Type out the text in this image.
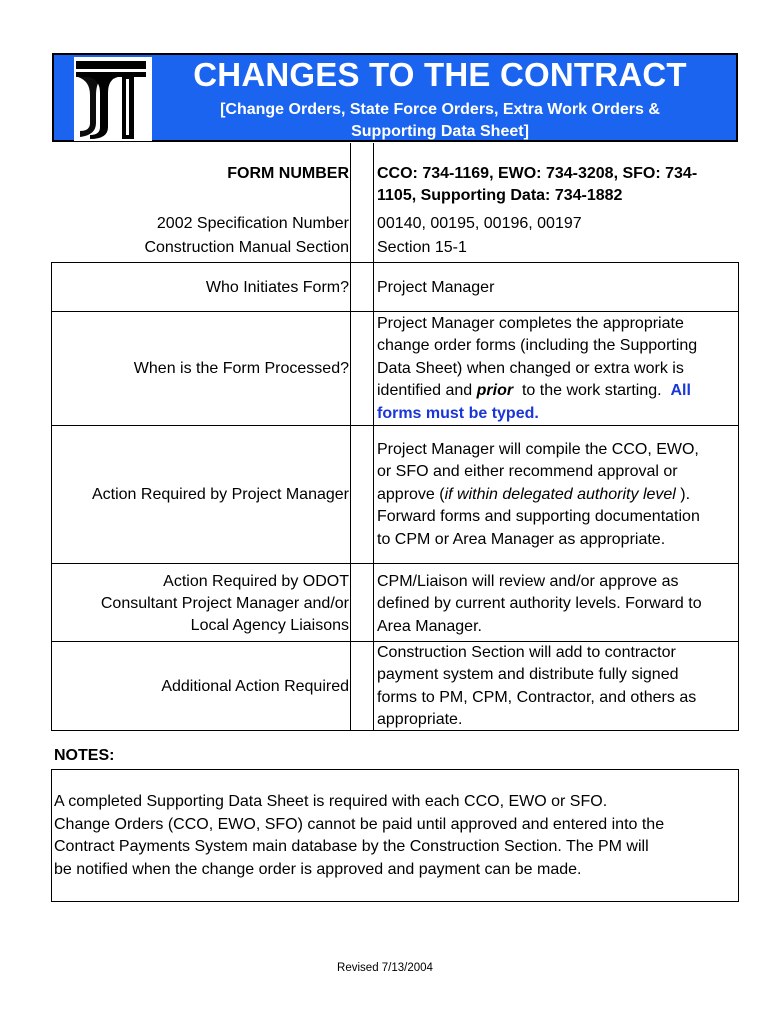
CHANGES TO THE CONTRACT
[Change Orders, State Force Orders, Extra Work Orders &
Supporting Data Sheet]
FORM NUMBER CCO: 734-1169, EWO: 734-3208, SFO: 734-
1105, Supporting Data: 734-1882
2002 Specification Number 00140, 00195, 00196, 00197
Construction Manual Section Section 15-1
Who Initiates Form? Project Manager
When is the Form Processed?
Project Manager completes the appropriate
change order forms (including the Supporting
Data Sheet) when changed or extra work is
identified and prior  to the work starting.  All
forms must be typed.
Action Required by Project Manager
Project Manager will compile the CCO, EWO,
or SFO and either recommend approval or
approve (if within delegated authority level ).
Forward forms and supporting documentation
to CPM or Area Manager as appropriate.
Action Required by ODOT
Consultant Project Manager and/or
Local Agency Liaisons
CPM/Liaison will review and/or approve as
defined by current authority levels. Forward to
Area Manager.
Additional Action Required
Construction Section will add to contractor
payment system and distribute fully signed
forms to PM, CPM, Contractor, and others as
appropriate.
NOTES:
A completed Supporting Data Sheet is required with each CCO, EWO or SFO.
Change Orders (CCO, EWO, SFO) cannot be paid until approved and entered into the
Contract Payments System main database by the Construction Section. The PM will
be notified when the change order is approved and payment can be made.
Revised 7/13/2004
